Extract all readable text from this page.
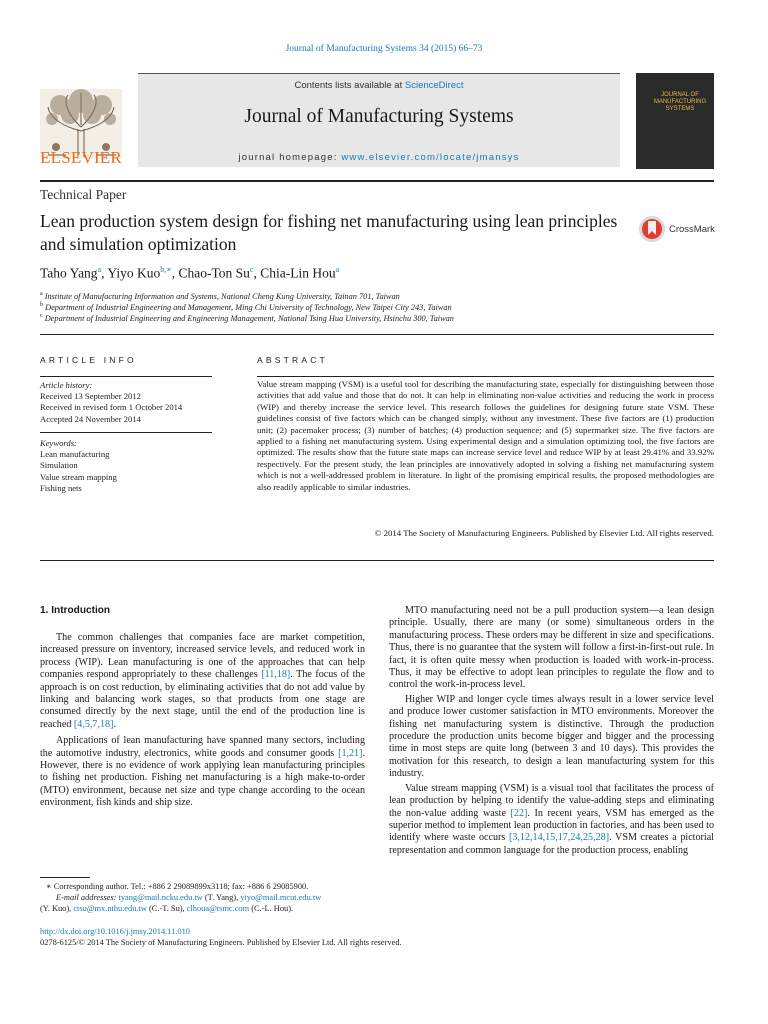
Journal of Manufacturing Systems 34 (2015) 66–73
ELSEVIER
Contents lists available at ScienceDirect
Journal of Manufacturing Systems
journal homepage: www.elsevier.com/locate/jmansys
JOURNAL OF MANUFACTURING SYSTEMS
Technical Paper
Lean production system design for fishing net manufacturing using lean principles and simulation optimization
CrossMark
Taho Yang$^a$, Yiyo Kuo$^{b,∗}$, Chao-Ton Su$^c$, Chia-Lin Hou$^a$
$^a$ Institute of Manufacturing Information and Systems, National Cheng Kung University, Tainan 701, Taiwan
$^b$ Department of Industrial Engineering and Management, Ming Chi University of Technology, New Taipei City 243, Taiwan
$^c$ Department of Industrial Engineering and Engineering Management, National Tsing Hua University, Hsinchu 300, Taiwan
ARTICLE INFO	ABSTRACT
Article history:
Received 13 September 2012
Received in revised form 1 October 2014
Accepted 24 November 2014
Keywords:
Lean manufacturing
Simulation
Value stream mapping
Fishing nets
Value stream mapping (VSM) is a useful tool for describing the manufacturing state, especially for distinguishing between those activities that add value and those that do not. It can help in eliminating non-value activities and reducing the work in process (WIP) and thereby increase the service level. This research follows the guidelines for designing future state VSM. These guidelines consist of five factors which can be changed simply, without any investment. These five factors are (1) production unit; (2) pacemaker process; (3) number of batches; (4) production sequence; and (5) supermarket size. The five factors are applied to a fishing net manufacturing system. Using experimental design and a simulation optimizing tool, the five factors are optimized. The results show that the future state maps can increase service level and reduce WIP by at least 29.41% and 33.92% respectively. For the present study, the lean principles are innovatively adopted in solving a fishing net manufacturing system which is not a well-addressed problem in literature. In light of the promising empirical results, the proposed methodologies are also readily applicable to similar industries.
© 2014 The Society of Manufacturing Engineers. Published by Elsevier Ltd. All rights reserved.
1. Introduction

The common challenges that companies face are market competition, increased pressure on inventory, increased service levels, and reduced work in process (WIP). Lean manufacturing is one of the approaches that can help companies respond appropriately to these challenges [11,18]. The focus of the approach is on cost reduction, by eliminating activities that do not add value by linking and balancing work stages, so that products from one stage are consumed directly by the next stage, until the end of the production line is reached [4,5,7,18].

Applications of lean manufacturing have spanned many sectors, including the automotive industry, electronics, white goods and consumer goods [1,21]. However, there is no evidence of work applying lean manufacturing principles to fishing net production. Fishing net manufacturing is a high make-to-order (MTO) environment, because net size and type change according to the ocean environment, fish kinds and ship size.

MTO manufacturing need not be a pull production system—a lean design principle. Usually, there are many (or some) simultaneous orders in the manufacturing process. These orders may be different in size and specifications. Thus, there is no guarantee that the system will follow a first-in-first-out rule. In fact, it is often quite messy when production is loaded with work-in-process. Thus, it may be effective to adopt lean principles to regulate the flow and to control the work-in-process level.

Higher WIP and longer cycle times always result in a lower service level and produce lower customer satisfaction in MTO environments. Moreover the fishing net manufacturing system is distinctive. Through the production procedure the production units become bigger and bigger and the processing time in most steps are quite long (between 3 and 10 days). This provides the motivation for this research, to design a lean manufacturing system for this industry.

Value stream mapping (VSM) is a visual tool that facilitates the process of lean production by helping to identify the value-adding steps and eliminating the non-value adding waste [22]. In recent years, VSM has emerged as the superior method to implement lean production in factories, and has been used to identify where waste occurs [3,12,14,15,17,24,25,28]. VSM creates a pictorial representation and common language for the production process, enabling

∗ Corresponding author. Tel.: +886 2 29089899x3118; fax: +886 6 29085900.
E-mail addresses: tyang@mail.ncku.edu.tw (T. Yang), yiyo@mail.mcut.edu.tw
(Y. Kuo), ctsu@mx.nthu.edu.tw (C.-T. Su), clhoua@tsmc.com (C.-L. Hou).
http://dx.doi.org/10.1016/j.jmsy.2014.11.010
0278-6125/© 2014 The Society of Manufacturing Engineers. Published by Elsevier Ltd. All rights reserved.
